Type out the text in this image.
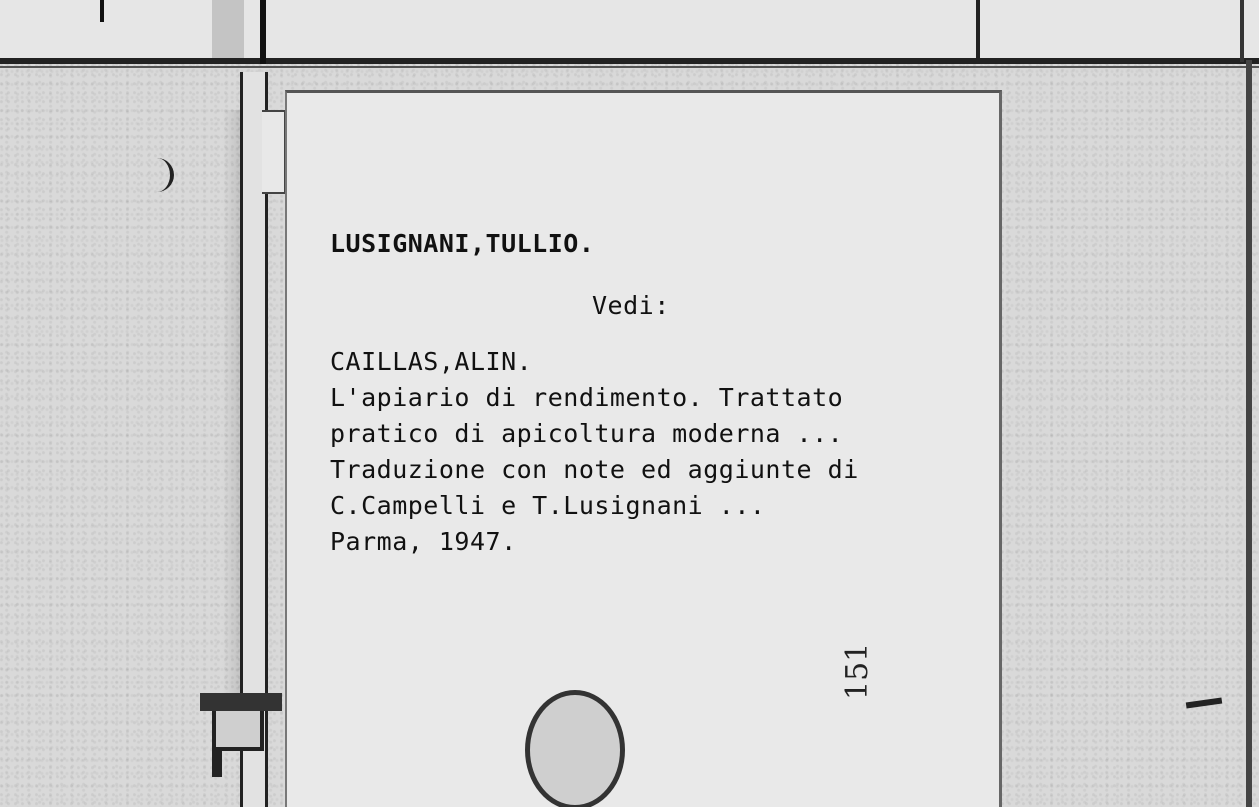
LUSIGNANI,TULLIO.
Vedi:
CAILLAS,ALIN.
L'apiario di rendimento. Trattato
pratico di apicoltura moderna ...
Traduzione con note ed aggiunte di
C.Campelli e T.Lusignani ...
Parma, 1947.
151
